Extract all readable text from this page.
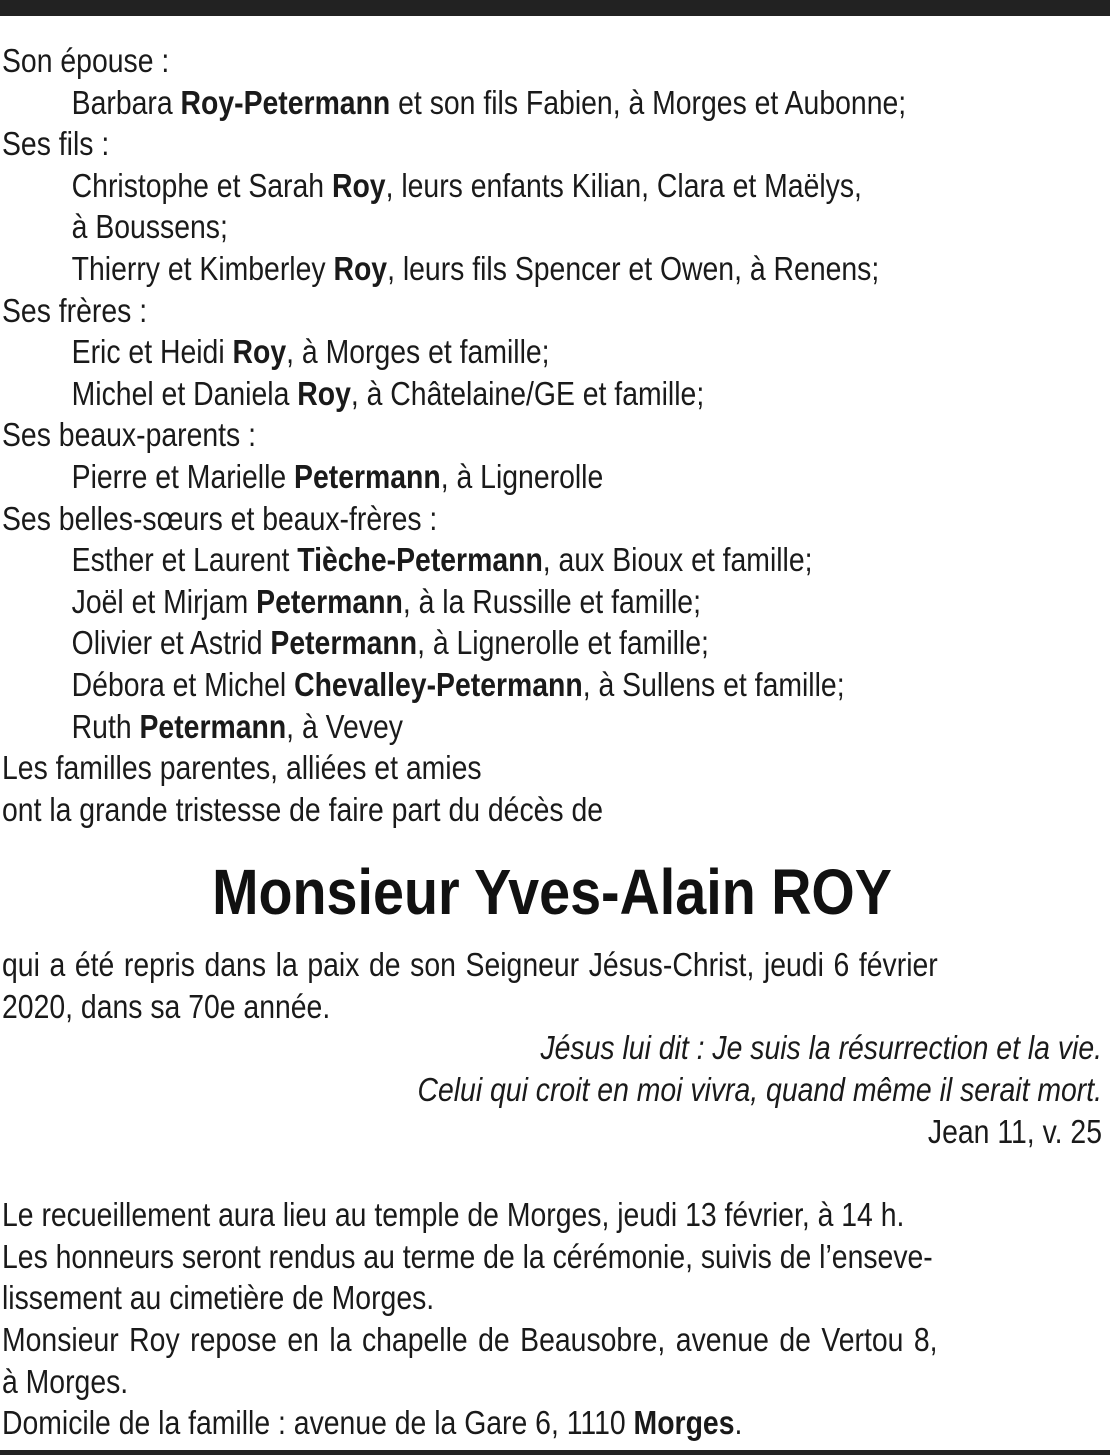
Son épouse :
Barbara Roy-Petermann et son fils Fabien, à Morges et Aubonne;
Ses fils :
Christophe et Sarah Roy, leurs enfants Kilian, Clara et Maëlys,
à Boussens;
Thierry et Kimberley Roy, leurs fils Spencer et Owen, à Renens;
Ses frères :
Eric et Heidi Roy, à Morges et famille;
Michel et Daniela Roy, à Châtelaine/GE et famille;
Ses beaux-parents :
Pierre et Marielle Petermann, à Lignerolle
Ses belles-sœurs et beaux-frères :
Esther et Laurent Tièche-Petermann, aux Bioux et famille;
Joël et Mirjam Petermann, à la Russille et famille;
Olivier et Astrid Petermann, à Lignerolle et famille;
Débora et Michel Chevalley-Petermann, à Sullens et famille;
Ruth Petermann, à Vevey
Les familles parentes, alliées et amies
ont la grande tristesse de faire part du décès de
Monsieur Yves-Alain ROY
qui a été repris dans la paix de son Seigneur Jésus-Christ, jeudi 6 février
2020, dans sa 70e année.
Jésus lui dit : Je suis la résurrection et la vie.
Celui qui croit en moi vivra, quand même il serait mort.
Jean 11, v. 25
Le recueillement aura lieu au temple de Morges, jeudi 13 février, à 14 h.
Les honneurs seront rendus au terme de la cérémonie, suivis de l’enseve-
lissement au cimetière de Morges.
Monsieur Roy repose en la chapelle de Beausobre, avenue de Vertou 8,
à Morges.
Domicile de la famille : avenue de la Gare 6, 1110 Morges.
